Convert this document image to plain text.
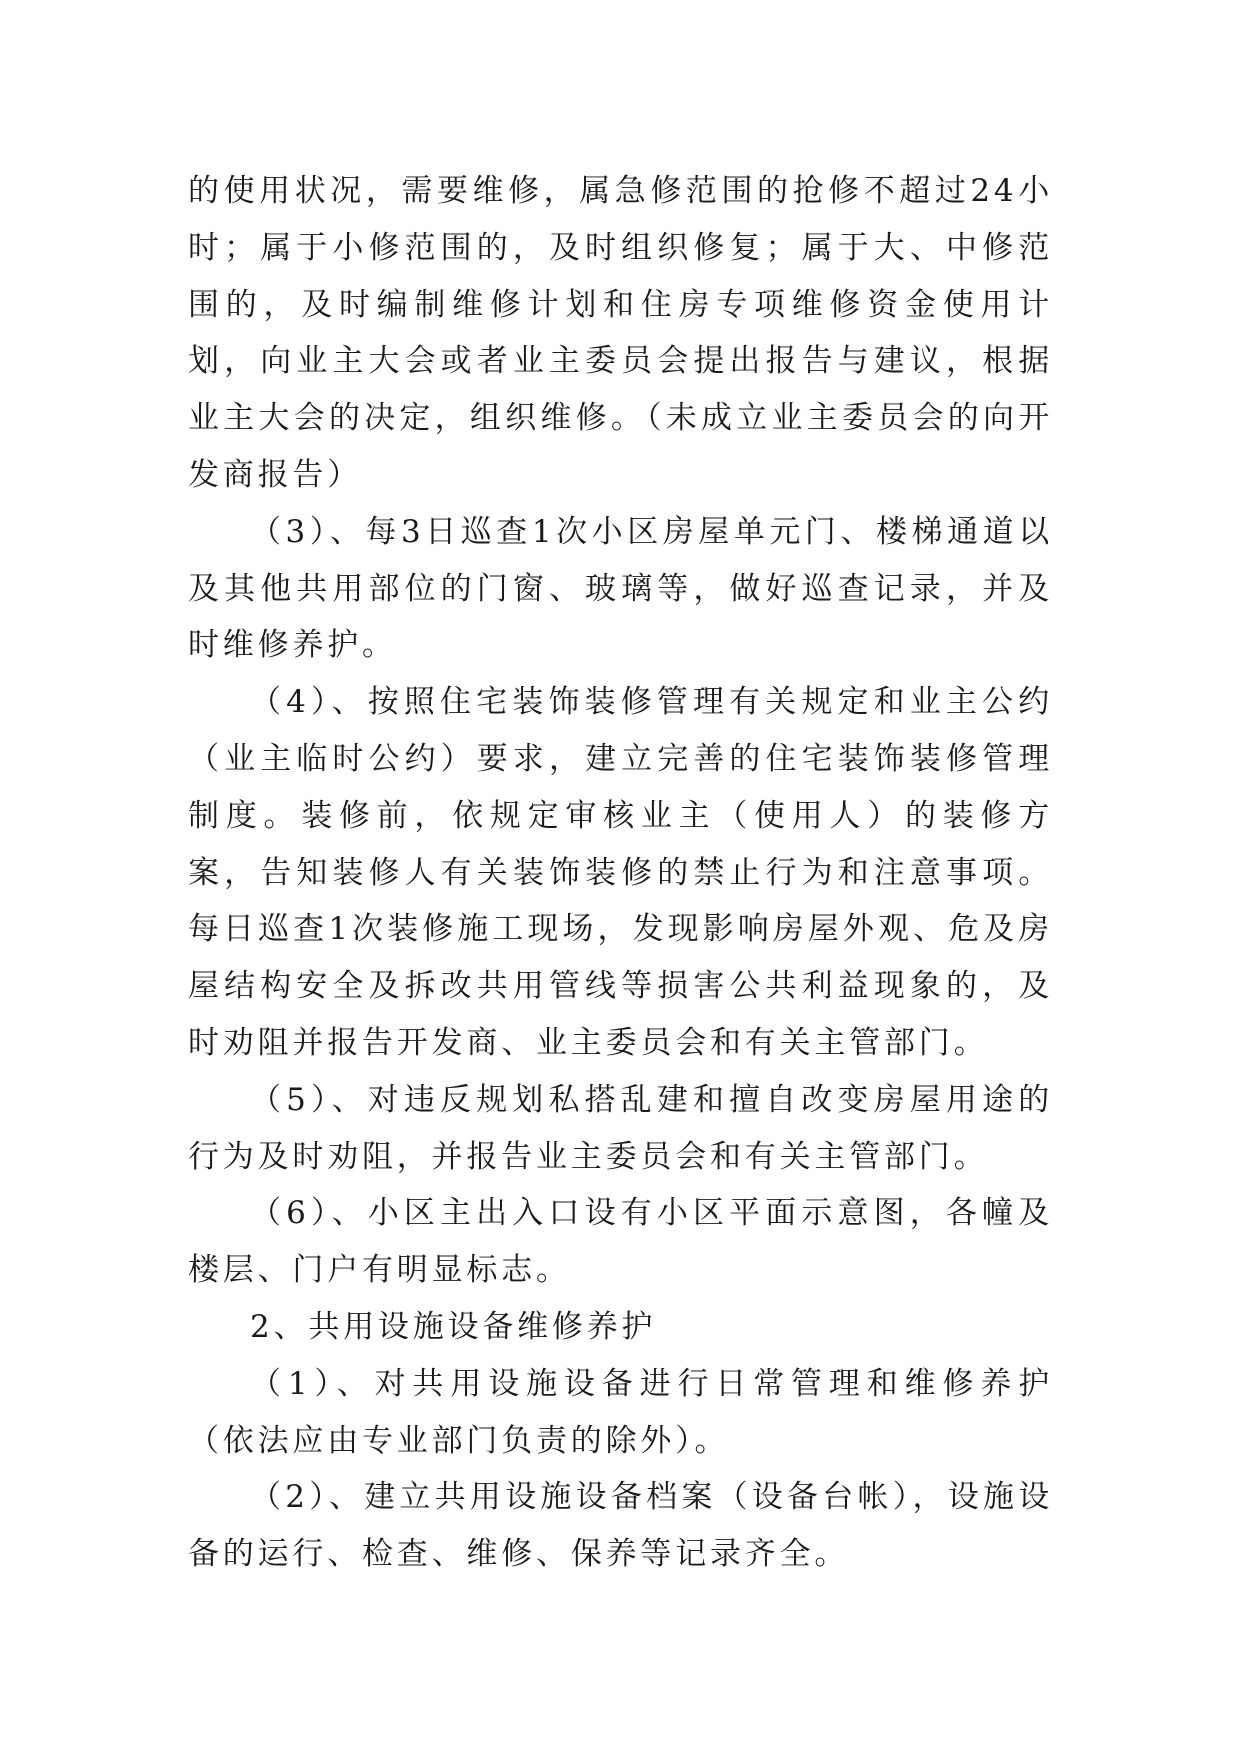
的使用状况，需要维修，属急修范围的抢修不超过24小时；属于小修范围的，及时组织修复；属于大、中修范围的，及时编制维修计划和住房专项维修资金使用计划，向业主大会或者业主委员会提出报告与建议，根据业主大会的决定，组织维修。（未成立业主委员会的向开发商报告）

（3）、每3日巡查1次小区房屋单元门、楼梯通道以及其他共用部位的门窗、玻璃等，做好巡查记录，并及时维修养护。

（4）、按照住宅装饰装修管理有关规定和业主公约（业主临时公约）要求，建立完善的住宅装饰装修管理制度。装修前，依规定审核业主（使用人）的装修方案，告知装修人有关装饰装修的禁止行为和注意事项。每日巡查1次装修施工现场，发现影响房屋外观、危及房屋结构安全及拆改共用管线等损害公共利益现象的，及时劝阻并报告开发商、业主委员会和有关主管部门。

（5）、对违反规划私搭乱建和擅自改变房屋用途的行为及时劝阻，并报告业主委员会和有关主管部门。

（6）、小区主出入口设有小区平面示意图，各幢及楼层、门户有明显标志。

2、共用设施设备维修养护

（1）、对共用设施设备进行日常管理和维修养护（依法应由专业部门负责的除外）。

（2）、建立共用设施设备档案（设备台帐），设施设备的运行、检查、维修、保养等记录齐全。
